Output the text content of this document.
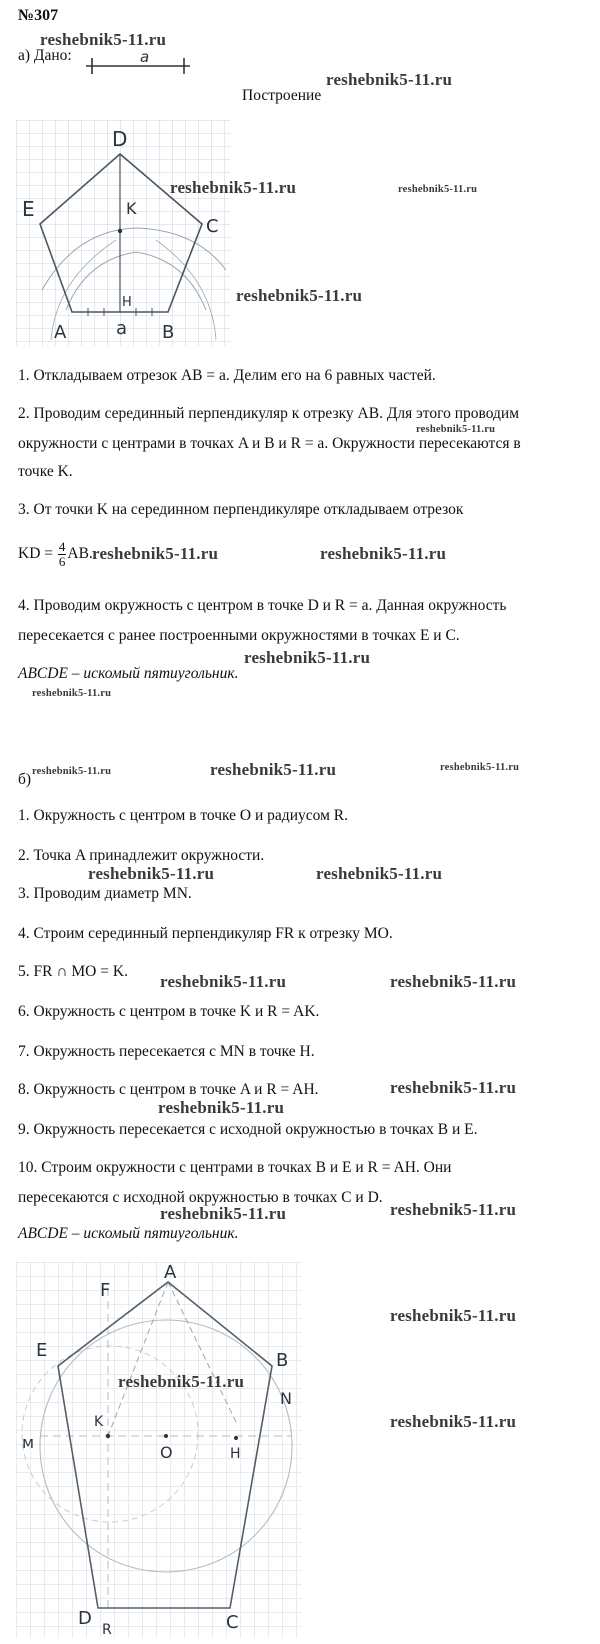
№307
reshebnik5-11.ru
а) Дано:	a
reshebnik5-11.ru
Построение
D
E
C
K
H
A	a B
reshebnik5-11.ru	reshebnik5-11.ru
reshebnik5-11.ru
1. Откладываем отрезок AB = a. Делим его на 6 равных частей.
2. Проводим серединный перпендикуляр к отрезку AB. Для этого проводим
reshebnik5-11.ru
окружности с центрами в точках A и B и R = a. Окружности пересекаются в
точке K.
3. От точки K на серединном перпендикуляре откладываем отрезок
KD = $\frac{4}{6}$ AB. reshebnik5-11.ru	reshebnik5-11.ru
4. Проводим окружность с центром в точке D и R = a. Данная окружность
пересекается с ранее построенными окружностями в точках E и C.
reshebnik5-11.ru
ABCDE – искомый пятиугольник.
reshebnik5-11.ru
б) reshebnik5-11.ru	reshebnik5-11.ru	reshebnik5-11.ru
1. Окружность с центром в точке O и радиусом R.
2. Точка A принадлежит окружности.
reshebnik5-11.ru	reshebnik5-11.ru
3. Проводим диаметр MN.
4. Строим серединный перпендикуляр FR к отрезку MO.
5. FR ∩ MO = K.
reshebnik5-11.ru	reshebnik5-11.ru
6. Окружность с центром в точке K и R = AK.
7. Окружность пересекается с MN в точке H.
8. Окружность с центром в точке A и R = AH.	reshebnik5-11.ru
reshebnik5-11.ru
9. Окружность пересекается с исходной окружностью в точках B и E.
10. Строим окружности с центрами в точках B и E и R = AH. Они
пересекаются с исходной окружностью в точках C и D.
reshebnik5-11.ru	reshebnik5-11.ru
ABCDE – искомый пятиугольник.
A
F
E	B
м
N
K
O	H
D
R	C
reshebnik5-11.ru
reshebnik5-11.ru
reshebnik5-11.ru
